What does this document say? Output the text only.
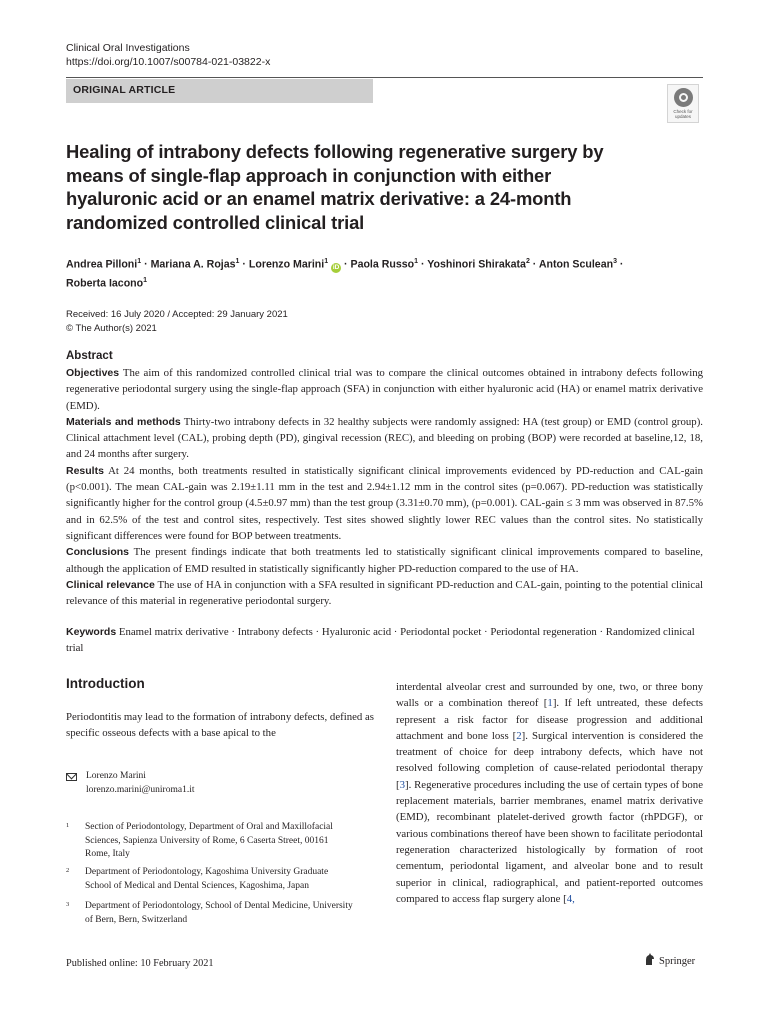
Clinical Oral Investigations
https://doi.org/10.1007/s00784-021-03822-x
ORIGINAL ARTICLE
Check for updates
Healing of intrabony defects following regenerative surgery by means of single-flap approach in conjunction with either hyaluronic acid or an enamel matrix derivative: a 24-month randomized controlled clinical trial
Andrea Pilloni$^1$ · Mariana A. Rojas$^1$ · Lorenzo Marini$^1$ iD · Paola Russo$^1$ · Yoshinori Shirakata$^2$ · Anton Sculean$^3$ ·
Roberta Iacono$^1$
Received: 16 July 2020 / Accepted: 29 January 2021
© The Author(s) 2021
Abstract

Objectives The aim of this randomized controlled clinical trial was to compare the clinical outcomes obtained in intrabony defects following regenerative periodontal surgery using the single-flap approach (SFA) in conjunction with either hyaluronic acid (HA) or enamel matrix derivative (EMD).

Materials and methods Thirty-two intrabony defects in 32 healthy subjects were randomly assigned: HA (test group) or EMD (control group). Clinical attachment level (CAL), probing depth (PD), gingival recession (REC), and bleeding on probing (BOP) were recorded at baseline,12, 18, and 24 months after surgery.

Results At 24 months, both treatments resulted in statistically significant clinical improvements evidenced by PD-reduction and CAL-gain (p<0.001). The mean CAL-gain was 2.19±1.11 mm in the test and 2.94±1.12 mm in the control sites (p=0.067). PD-reduction was statistically significantly higher for the control group (4.5±0.97 mm) than the test group (3.31±0.70 mm), (p=0.001). CAL-gain ≤ 3 mm was observed in 87.5% and in 62.5% of the test and control sites, respectively. Test sites showed slightly lower REC values than the control sites. No statistically significant differences were found for BOP between treatments.

Conclusions The present findings indicate that both treatments led to statistically significant clinical improvements compared to baseline, although the application of EMD resulted in statistically significantly higher PD-reduction compared to the use of HA.

Clinical relevance The use of HA in conjunction with a SFA resulted in significant PD-reduction and CAL-gain, pointing to the potential clinical relevance of this material in regenerative periodontal surgery.

Keywords Enamel matrix derivative · Intrabony defects · Hyaluronic acid · Periodontal pocket · Periodontal regeneration · Randomized clinical trial
Introduction

Periodontitis may lead to the formation of intrabony defects, defined as specific osseous defects with a base apical to the

Lorenzo Marini
lorenzo.marini@uniroma1.it
1 Section of Periodontology, Department of Oral and Maxillofacial Sciences, Sapienza University of Rome, 6 Caserta Street, 00161 Rome, Italy
2 Department of Periodontology, Kagoshima University Graduate School of Medical and Dental Sciences, Kagoshima, Japan
3 Department of Periodontology, School of Dental Medicine, University of Bern, Bern, Switzerland

interdental alveolar crest and surrounded by one, two, or three bony walls or a combination thereof [1]. If left untreated, these defects represent a risk factor for disease progression and additional attachment and bone loss [2]. Surgical intervention is considered the treatment of choice for deep intrabony defects, which have not resolved following completion of cause-related periodontal therapy [3]. Regenerative procedures including the use of certain types of bone replacement materials, barrier membranes, enamel matrix derivative (EMD), recombinant platelet-derived growth factor (rhPDGF), or various combinations thereof have been shown to facilitate periodontal regeneration characterized histologically by formation of root cementum, periodontal ligament, and alveolar bone and to result superior in clinical, radiographical, and patient-reported outcomes compared to access flap surgery alone [4,

Published online: 10 February 2021	Springer
